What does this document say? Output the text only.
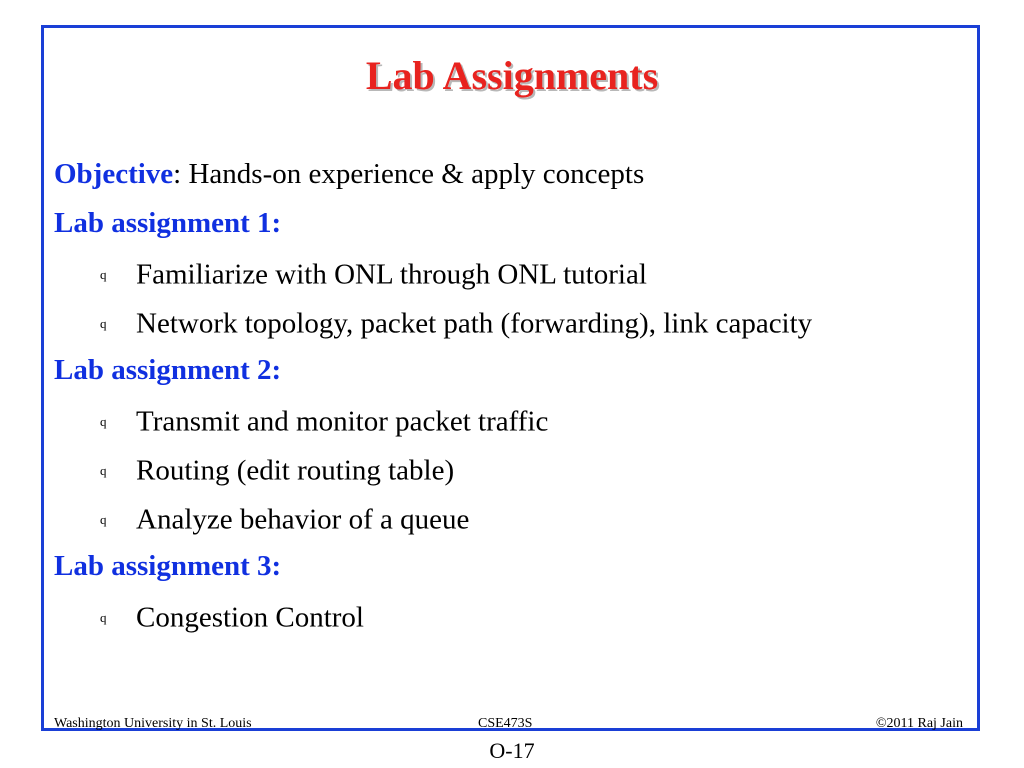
Lab Assignments
Objective: Hands-on experience & apply concepts
Lab assignment 1:
q Familiarize with ONL through ONL tutorial
q Network topology, packet path (forwarding), link capacity
Lab assignment 2:
q Transmit and monitor packet traffic
q Routing (edit routing table)
q Analyze behavior of a queue
Lab assignment 3:
q Congestion Control
Washington University in St. Louis	CSE473S	©2011 Raj Jain
O-17
